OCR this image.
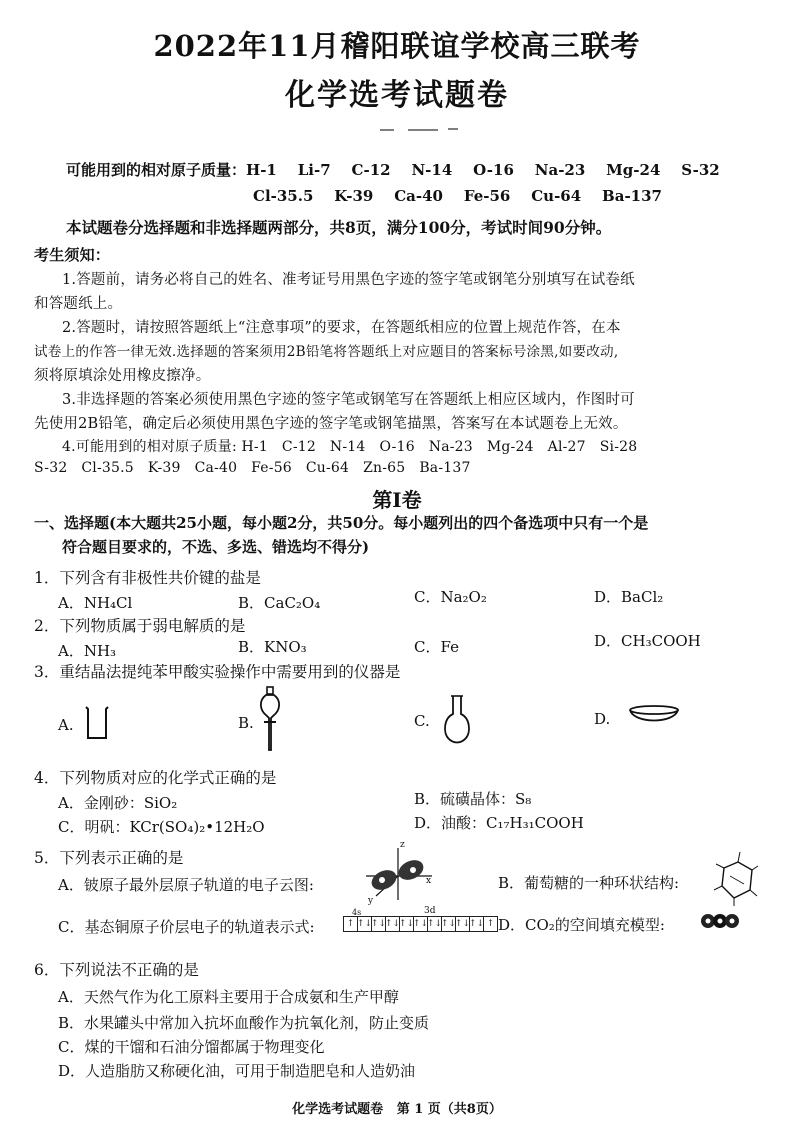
2022年11月稽阳联谊学校高三联考
化学选考试题卷
可能用到的相对原子质量：H-1    Li-7    C-12    N-14    O-16    Na-23    Mg-24    S-32
Cl-35.5    K-39    Ca-40    Fe-56    Cu-64    Ba-137
本试题卷分选择题和非选择题两部分，共8页，满分100分，考试时间90分钟。
考生须知：
1.答题前，请务必将自己的姓名、准考证号用黑色字迹的签字笔或钢笔分别填写在试卷纸
和答题纸上。
2.答题时，请按照答题纸上“注意事项”的要求，在答题纸相应的位置上规范作答，在本
试卷上的作答一律无效.选择题的答案须用2B铅笔将答题纸上对应题目的答案标号涂黑,如要改动,
须将原填涂处用橡皮擦净。
3.非选择题的答案必须使用黑色字迹的签字笔或钢笔写在答题纸上相应区域内，作图时可
先使用2B铅笔，确定后必须使用黑色字迹的签字笔或钢笔描黑，答案写在本试题卷上无效。
4.可能用到的相对原子质量: H-1   C-12   N-14   O-16   Na-23   Mg-24   Al-27   Si-28
S-32   Cl-35.5   K-39   Ca-40   Fe-56   Cu-64   Zn-65   Ba-137
第Ⅰ卷
一、选择题(本大题共25小题，每小题2分，共50分。每小题列出的四个备选项中只有一个是
符合题目要求的，不选、多选、错选均不得分)
1．下列含有非极性共价键的盐是
A．NH₄Cl	B．CaC₂O₄	C．Na₂O₂	D．BaCl₂
2．下列物质属于弱电解质的是
A．NH₃	B．KNO₃	C．Fe	D．CH₃COOH
3．重结晶法提纯苯甲酸实验操作中需要用到的仪器是
A.	B.	C.	D.
4．下列物质对应的化学式正确的是
A．金刚砂：SiO₂	B．硫磺晶体：S₈
C．明矾：KCr(SO₄)₂•12H₂O	D．油酸：C₁₇H₃₁COOH
5．下列表示正确的是
A．铍原子最外层原子轨道的电子云图:
z
x
y
B．葡萄糖的一种环状结构:
C．基态铜原子价层电子的轨道表示式:
4s	3d
↑ ↑↓
↑↓
↑↓
↑↓
↑↓
↑↓
↑↓
↑↓
↑↓ ↑ D．CO₂的空间填充模型:
6．下列说法不正确的是
A．天然气作为化工原料主要用于合成氨和生产甲醇
B．水果罐头中常加入抗坏血酸作为抗氧化剂，防止变质
C．煤的干馏和石油分馏都属于物理变化
D．人造脂肪又称硬化油，可用于制造肥皂和人造奶油
化学选考试题卷   第 1 页（共8页）
